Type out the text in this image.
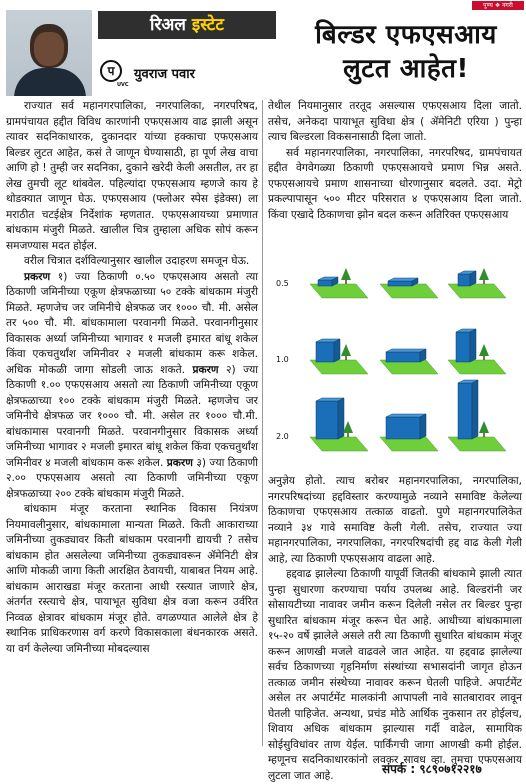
पुण्य ❖ नगरी
रिअल इस्टेट
प
UVC
युवराज पवार
बिल्डर एफएसआय
लुटत आहेत!

राज्यात सर्व महानगरपालिका, नगरपालिका, नगरपरिषद, ग्रामपंचायत हद्दीत विविध कारणांनी एफएसआय वाढ झाली असून त्यावर सदनिकाधारक, दुकानदार यांच्या हक्काचा एफएसआय बिल्डर लुटत आहेत, कसं ते जाणून घेण्यासाठी, हा पूर्ण लेख वाचा आणि हो ! तुम्ही जर सदनिका, दुकाने खरेदी केली असतील, तर हा लेख तुमची लूट थांबवेल. पहिल्यांदा एफएसआय म्हणजे काय हे थोडक्यात जाणून घेऊ. एफएसआय (फ्लोअर स्पेस इंडेक्स) ला मराठीत चटईक्षेत्र निर्देशांक म्हणतात. एफएसआयच्या प्रमाणात बांधकाम मंजुरी मिळते. खालील चित्र तुम्हाला अधिक सोपं करून समजण्यास मदत होईल.

वरील चित्रात दर्शविल्यानुसार खालील उदाहरण समजून घेऊ.

प्रकरण १) ज्या ठिकाणी ०.५० एफएसआय असतो त्या ठिकाणी जमिनीच्या एकूण क्षेत्रफळाच्या ५० टक्के बांधकाम मंजुरी मिळते. म्हणजेच जर जमिनीचे क्षेत्रफळ जर १००० चौ. मी. असेल तर ५०० चौ. मी. बांधकामाला परवानगी मिळते. परवानगीनुसार विकासक अर्ध्या जमिनीच्या भागावर १ मजली इमारत बांधू शकेल किंवा एकचतुर्थांश जमिनीवर २ मजली बांधकाम करू शकेल. अधिक मोकळी जागा सोडली जाऊ शकते. प्रकरण २) ज्या ठिकाणी १.०० एफएसआय असतो त्या ठिकाणी जमिनीच्या एकूण क्षेत्रफळाच्या १०० टक्के बांधकाम मंजुरी मिळते. म्हणजेच जर जमिनीचे क्षेत्रफळ जर १००० चौ. मी. असेल तर १००० चौ.मी. बांधकामास परवानगी मिळते. परवानगीनुसार विकासक अर्ध्या जमिनीच्या भागावर २ मजली इमारत बांधू शकेल किंवा एकचतुर्थांश जमिनीवर ४ मजली बांधकाम करू शकेल. प्रकरण ३) ज्या ठिकाणी २.०० एफएसआय असतो त्या ठिकाणी जमिनीच्या एकूण क्षेत्रफळाच्या २०० टक्के बांधकाम मंजुरी मिळते.

बांधकाम मंजूर करताना स्थानिक विकास नियंत्रण नियमावलीनुसार, बांधकामाला मान्यता मिळते. किती आकाराच्या जमिनीच्या तुकड्यावर किती बांधकाम परवानगी द्यायची ? तसेच बांधकाम होत असलेल्या जमिनीच्या तुकड्यावरून ॲमेनिटी क्षेत्र आणि मोकळी जागा किती आरक्षित ठेवायची, याबाबत नियम आहे. बांधकाम आराखडा मंजूर करताना आधी रस्त्यात जाणारे क्षेत्र, अंतर्गत रस्त्याचे क्षेत्र, पायाभूत सुविधा क्षेत्र वजा करून उर्वरित निव्वळ क्षेत्रावर बांधकाम मंजूर होते. वगळण्यात आलेले क्षेत्र हे स्थानिक प्राधिकरणास वर्ग करणे विकासकाला बंधनकारक असते. या वर्ग केलेल्या जमिनीच्या मोबदल्यास

तेथील नियमानुसार तरतूद असल्यास एफएसआय दिला जातो. तसेच, अनेकदा पायाभूत सुविधा क्षेत्र ( ॲमेनिटी एरिया ) पुन्हा त्याच बिल्डरला विकसनासाठी दिला जातो.

सर्व महानगरपालिका, नगरपालिका, नगरपरिषद, ग्रामपंचायत हद्दीत वेगवेगळ्या ठिकाणी एफएसआयचे प्रमाण भिन्न असते. एफएसआयचे प्रमाण शासनाच्या धोरणानुसार बदलते. उदा. मेट्रो प्रकल्पापासून ५०० मीटर परिसरात ४ एफएसआय दिला जातो. किंवा एखादे ठिकाणचा झोन बदल करून अतिरिक्त एफएसआय

0.5
1.0
2.0

अनुज्ञेय होतो. त्याच बरोबर महानगरपालिका, नगरपालिका, नगरपरिषदांच्या हद्दविस्तार करण्यामुळे नव्याने समाविष्ट केलेल्या ठिकाणचा एफएसआय तत्काळ वाढतो. पुणे महानगरपालिकेत नव्याने ३४ गावे समाविष्ट केली गेली. तसेच, राज्यात ज्या महानगरपालिका, नगरपालिका, नगरपरिषदांची हद्द वाढ केली गेली आहे, त्या ठिकाणी एफएसआय वाढला आहे.

हद्दवाढ झालेल्या ठिकाणी यापूर्वी जितकी बांधकामे झाली त्यात पुन्हा सुधारणा करण्याचा पर्याय उपलब्ध आहे. बिल्डरांनी जर सोसायटीच्या नावावर जमीन करून दिलेली नसेल तर बिल्डर पुन्हा सुधारित बांधकाम मंजूर करून घेत आहे. आधीच्या बांधकामाला १५-२० वर्षे झालेले असले तरी त्या ठिकाणी सुधारित बांधकाम मंजूर करून आणखी मजले वाढवले जात आहेत. या हद्दवाढ झालेल्या सर्वच ठिकाणच्या गृहनिर्माण संस्थांच्या सभासदांनी जागृत होऊन तत्काळ जमीन संस्थेच्या नावावर करून घेतली पाहिजे. अपार्टमेंट असेल तर अपार्टमेंट मालकांनी आपापली नावे सातबारावर लावून घेतली पाहिजेत. अन्यथा, प्रचंड मोठे आर्थिक नुकसान तर होईलच, शिवाय अधिक बांधकाम झाल्यास गर्दी वाढेल, सामायिक सोईसुविधांवर ताण येईल. पार्किंगची जागा आणखी कमी होईल. म्हणूनच सदनिकाधारकांनो लवकर सावध व्हा. तुमचा एफएसआय लुटला जात आहे.	संपर्क : ९८९०७१२२१७
